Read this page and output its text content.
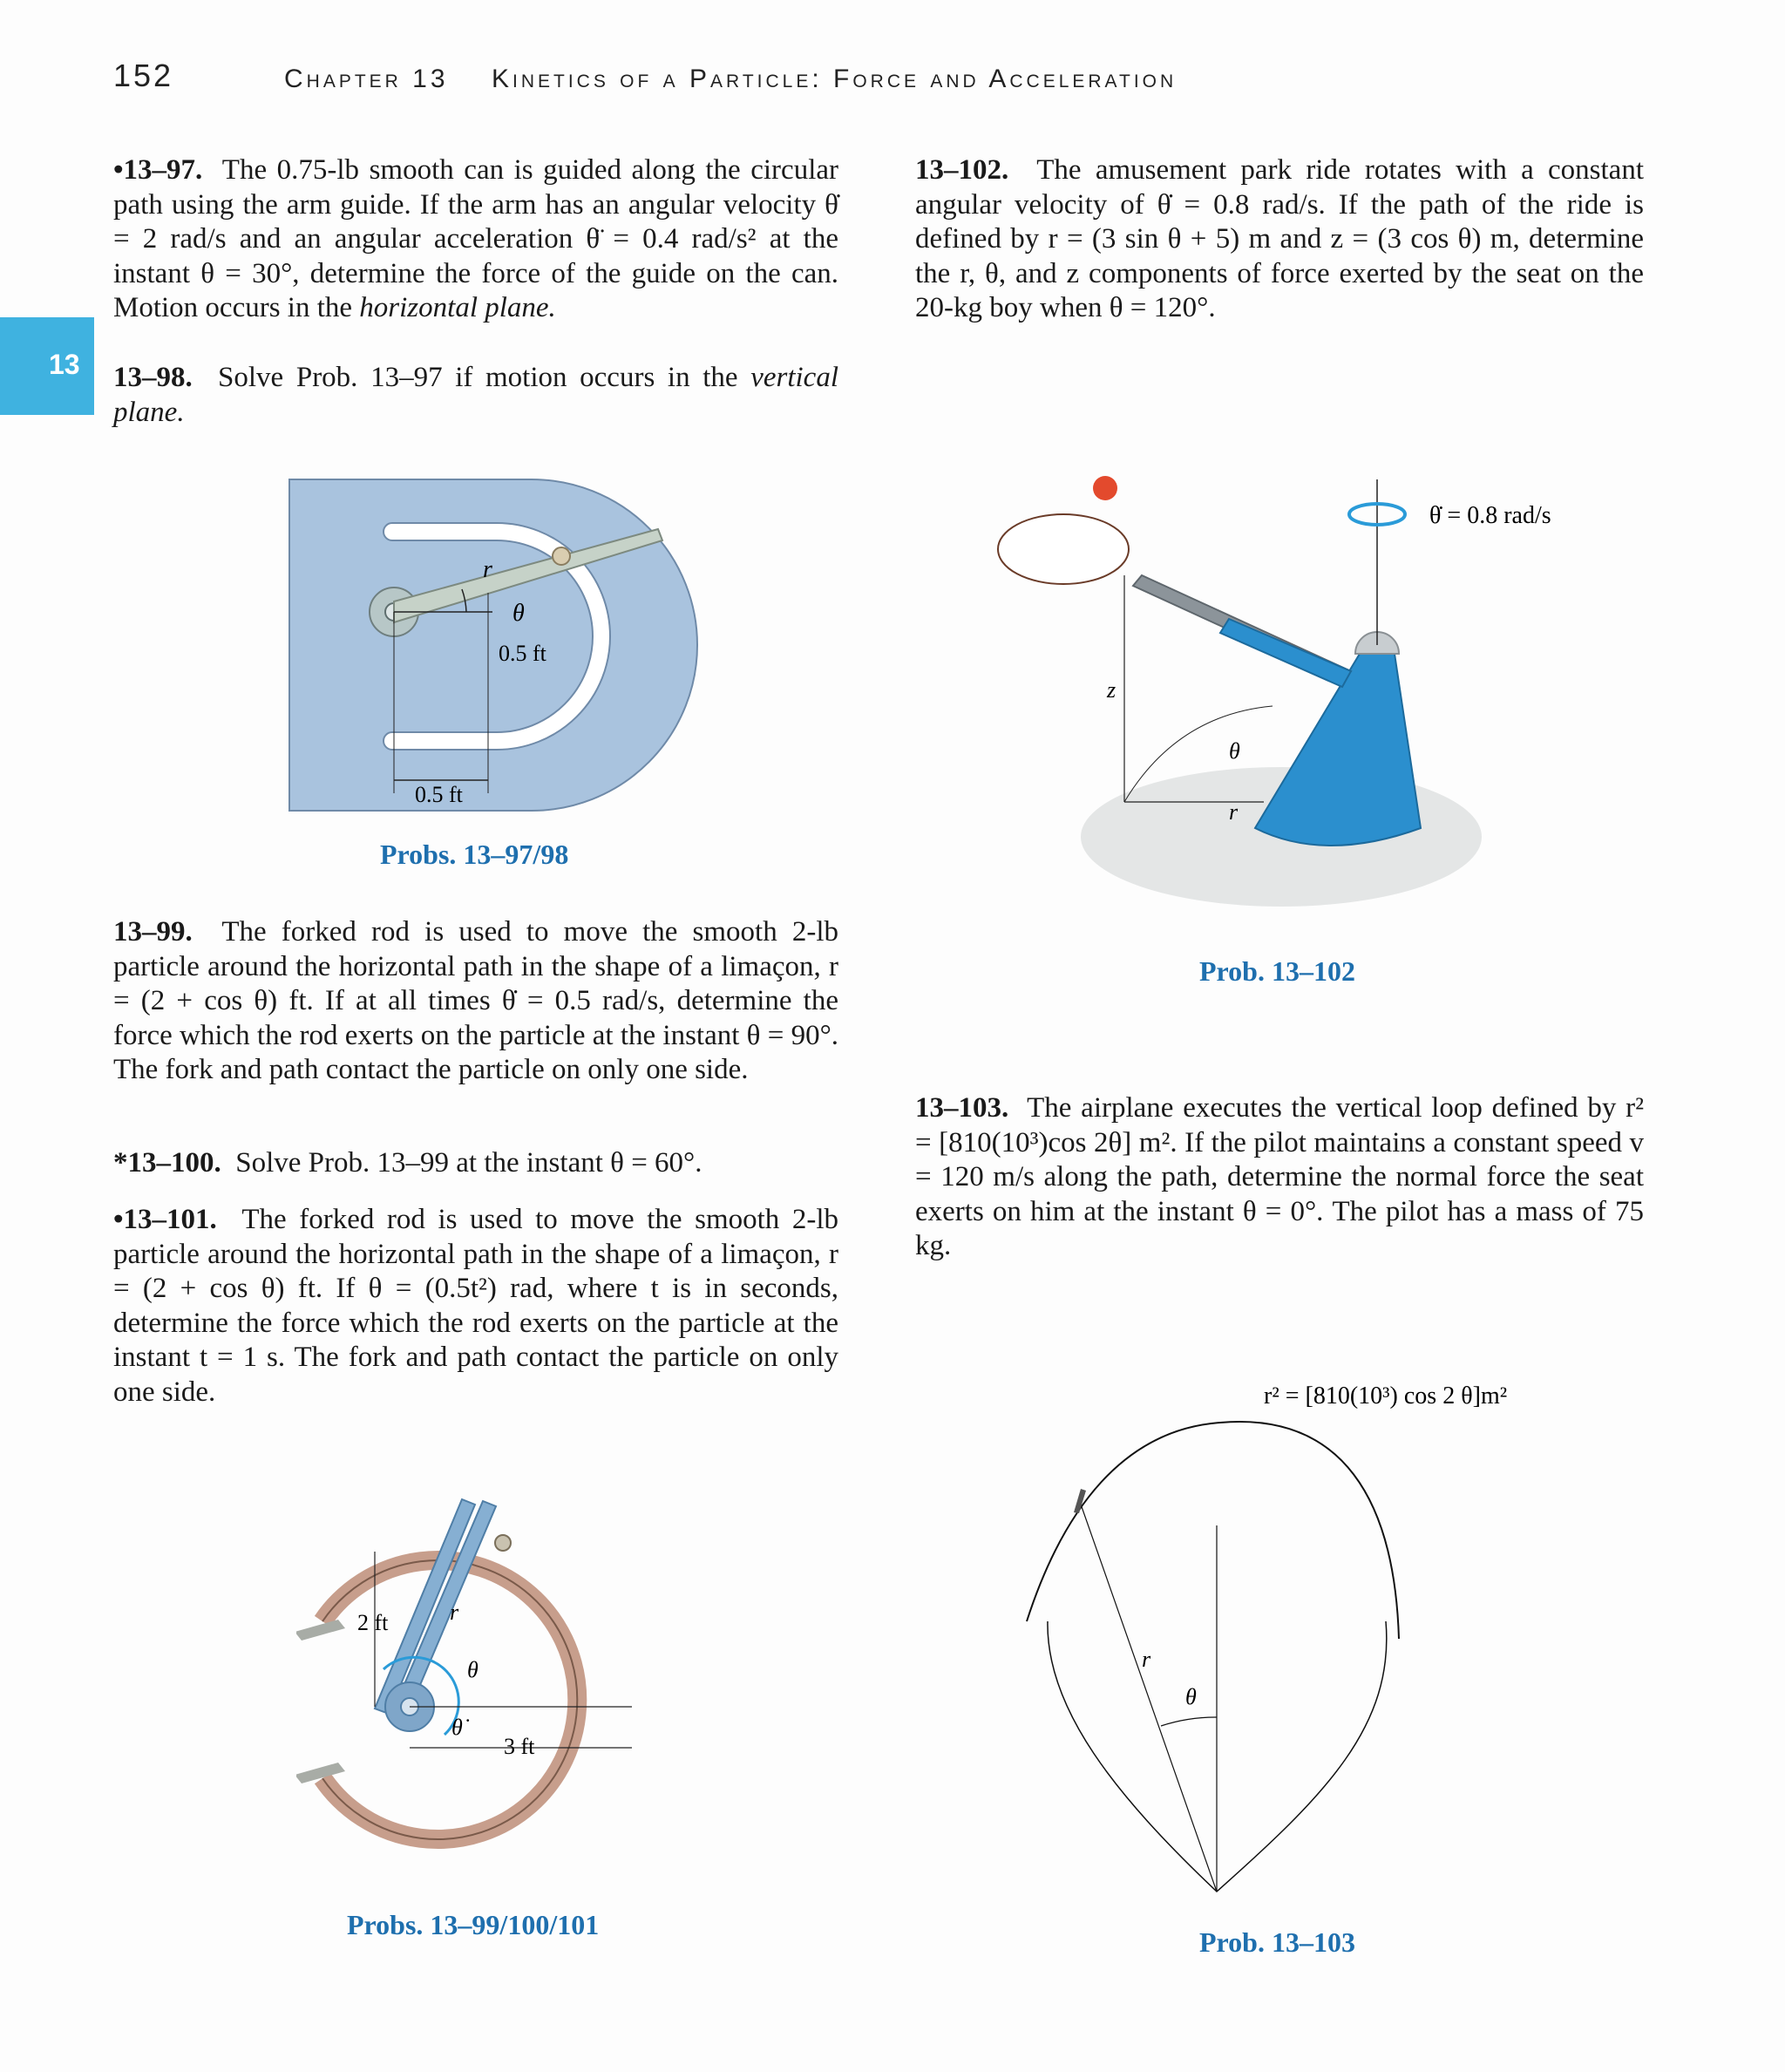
152	Chapter 13 Kinetics of a Particle: Force and Acceleration
13
•13–97. The 0.75-lb smooth can is guided along the circular path using the arm guide. If the arm has an angular velocity θ̇ = 2 rad/s and an angular acceleration θ̈ = 0.4 rad/s² at the instant θ = 30°, determine the force of the guide on the can. Motion occurs in the horizontal plane.
13–98. Solve Prob. 13–97 if motion occurs in the vertical plane.
13–99. The forked rod is used to move the smooth 2-lb particle around the horizontal path in the shape of a limaçon, r = (2 + cos θ) ft. If at all times θ̇ = 0.5 rad/s, determine the force which the rod exerts on the particle at the instant θ = 90°. The fork and path contact the particle on only one side.
*13–100. Solve Prob. 13–99 at the instant θ = 60°.
•13–101. The forked rod is used to move the smooth 2-lb particle around the horizontal path in the shape of a limaçon, r = (2 + cos θ) ft. If θ = (0.5t²) rad, where t is in seconds, determine the force which the rod exerts on the particle at the instant t = 1 s. The fork and path contact the particle on only one side.
13–102. The amusement park ride rotates with a constant angular velocity of θ̇ = 0.8 rad/s. If the path of the ride is defined by r = (3 sin θ + 5) m and z = (3 cos θ) m, determine the r, θ, and z components of force exerted by the seat on the 20-kg boy when θ = 120°.
13–103. The airplane executes the vertical loop defined by r² = [810(10³)cos 2θ] m². If the pilot maintains a constant speed v = 120 m/s along the path, determine the normal force the seat exerts on him at the instant θ = 0°. The pilot has a mass of 75 kg.
r
θ
0.5 ft
0.5 ft
Probs. 13–97/98
2 ft
3 ft
r
θ
θ̇
Probs. 13–99/100/101
θ̇ = 0.8 rad/s
z
θ
r
Prob. 13–102
r² = [810(10³) cos 2 θ]m²
r
θ
Prob. 13–103
